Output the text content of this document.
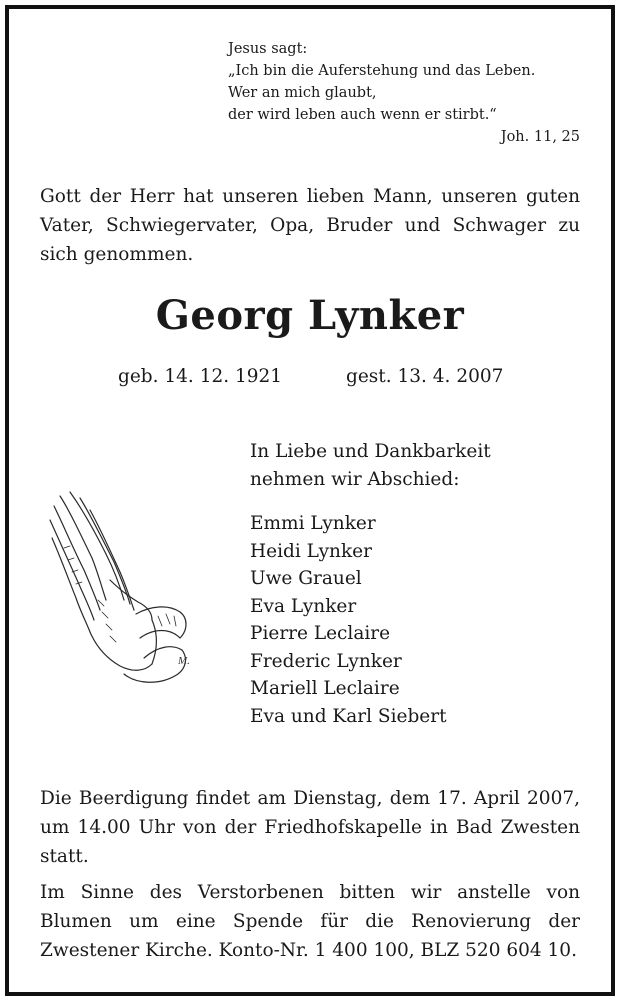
Jesus sagt:
„Ich bin die Auferstehung und das Leben.
Wer an mich glaubt,
der wird leben auch wenn er stirbt.“
Joh. 11, 25
Gott der Herr hat unseren lieben Mann, unseren guten Vater, Schwiegervater, Opa, Bruder und Schwager zu sich genommen.
Georg Lynker
geb. 14. 12. 1921	gest. 13. 4. 2007
In Liebe und Dankbarkeit
nehmen wir Abschied:
Emmi Lynker
Heidi Lynker
Uwe Grauel
Eva Lynker
Pierre Leclaire
Frederic Lynker
Mariell Leclaire
Eva und Karl Siebert
M.
Die Beerdigung findet am Dienstag, dem 17. April 2007, um 14.00 Uhr von der Friedhofskapelle in Bad Zwesten statt.
Im Sinne des Verstorbenen bitten wir anstelle von Blumen um eine Spende für die Renovierung der Zwestener Kirche. Konto-Nr. 1 400 100, BLZ 520 604 10.
